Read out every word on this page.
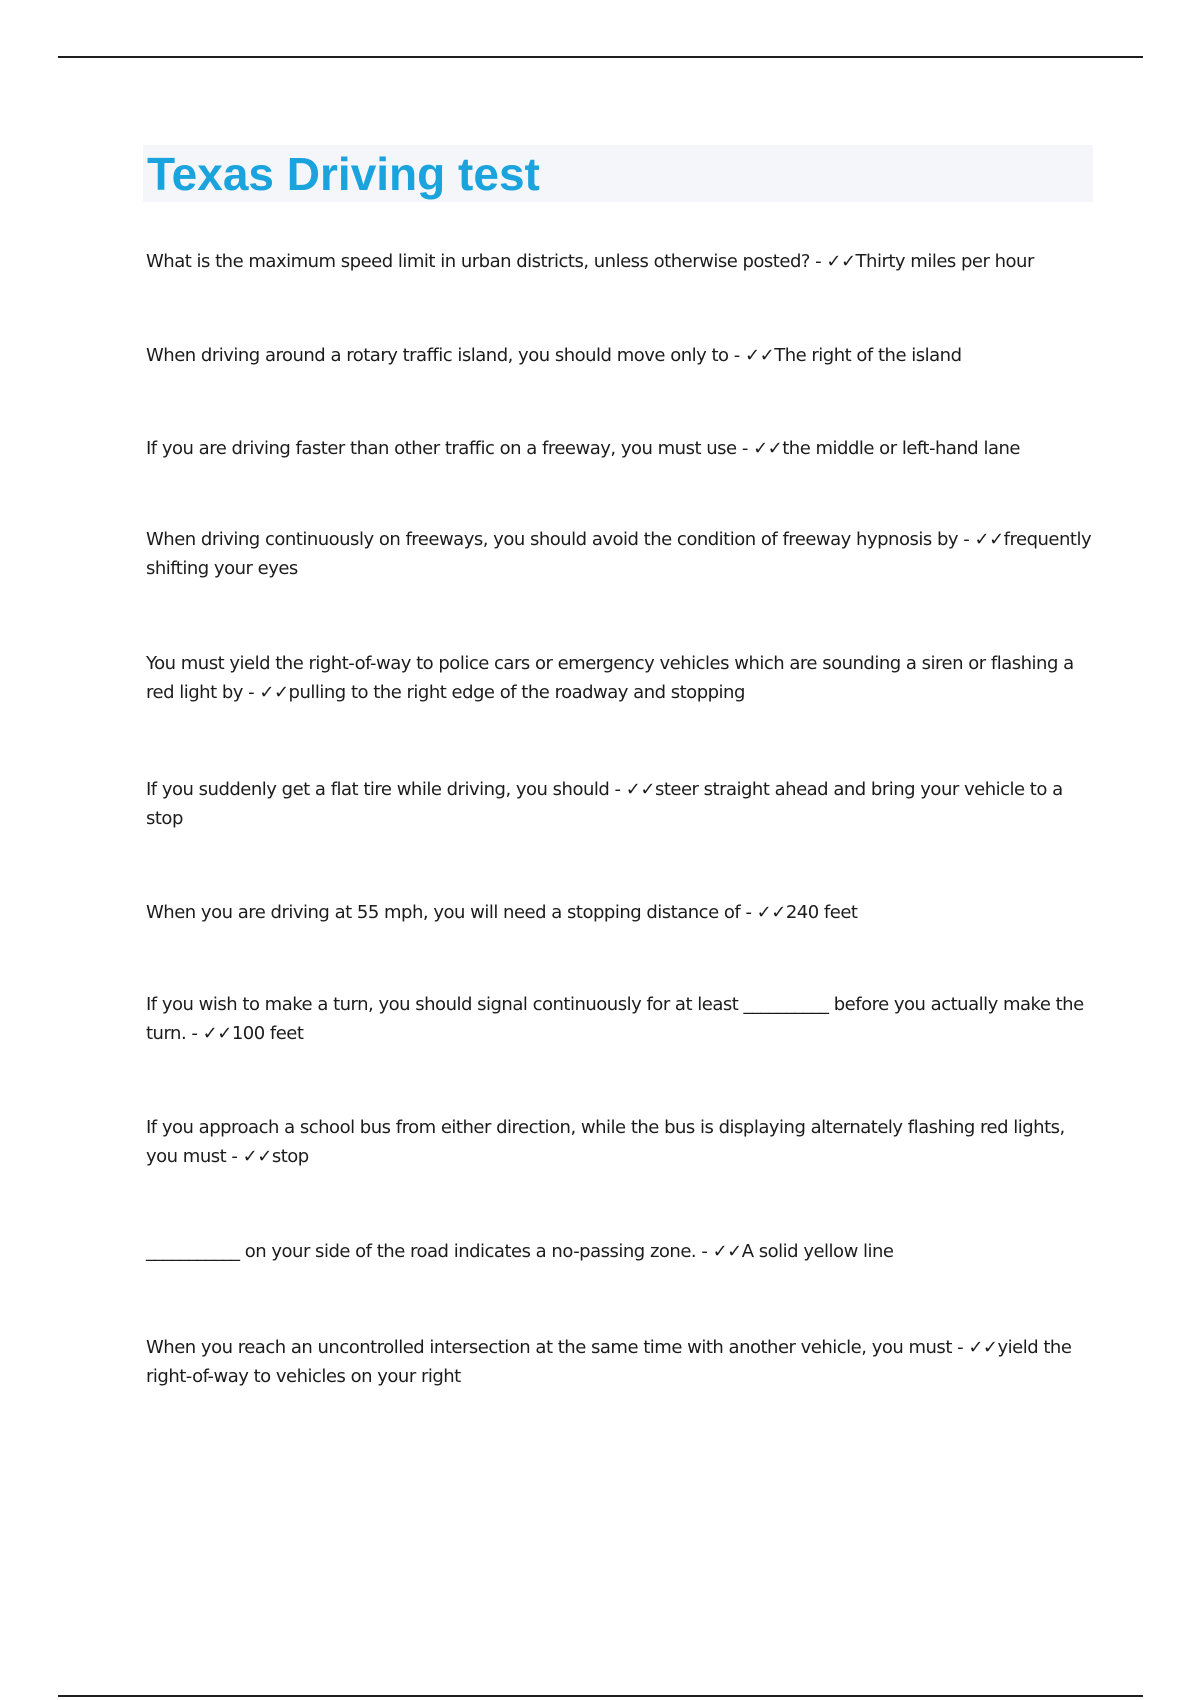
Texas Driving test

What is the maximum speed limit in urban districts, unless otherwise posted? - ✓✓Thirty miles per hour

When driving around a rotary traffic island, you should move only to - ✓✓The right of the island

If you are driving faster than other traffic on a freeway, you must use - ✓✓the middle or left-hand lane

When driving continuously on freeways, you should avoid the condition of freeway hypnosis by - ✓✓frequently shifting your eyes

You must yield the right-of-way to police cars or emergency vehicles which are sounding a siren or flashing a red light by - ✓✓pulling to the right edge of the roadway and stopping

If you suddenly get a flat tire while driving, you should - ✓✓steer straight ahead and bring your vehicle to a stop

When you are driving at 55 mph, you will need a stopping distance of - ✓✓240 feet

If you wish to make a turn, you should signal continuously for at least __________ before you actually make the turn. - ✓✓100 feet

If you approach a school bus from either direction, while the bus is displaying alternately flashing red lights, you must - ✓✓stop

___________ on your side of the road indicates a no-passing zone. - ✓✓A solid yellow line

When you reach an uncontrolled intersection at the same time with another vehicle, you must - ✓✓yield the right-of-way to vehicles on your right
